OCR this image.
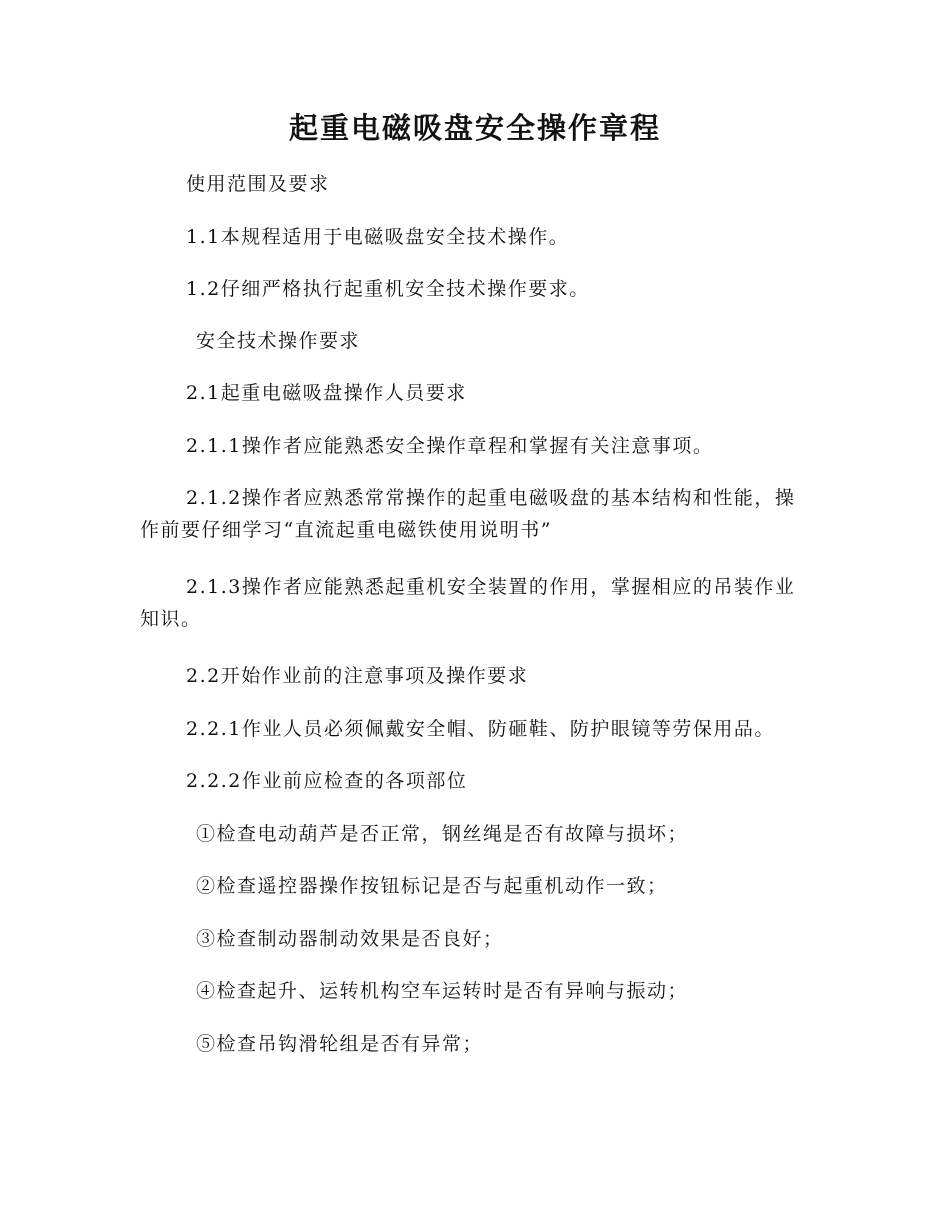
起重电磁吸盘安全操作章程

使用范围及要求

1.1本规程适用于电磁吸盘安全技术操作。

1.2仔细严格执行起重机安全技术操作要求。

安全技术操作要求

2.1起重电磁吸盘操作人员要求

2.1.1操作者应能熟悉安全操作章程和掌握有关注意事项。

2.1.2操作者应熟悉常常操作的起重电磁吸盘的基本结构和性能，操作前要仔细学习“直流起重电磁铁使用说明书”

2.1.3操作者应能熟悉起重机安全装置的作用，掌握相应的吊装作业知识。

2.2开始作业前的注意事项及操作要求

2.2.1作业人员必须佩戴安全帽、防砸鞋、防护眼镜等劳保用品。

2.2.2作业前应检查的各项部位

①检查电动葫芦是否正常，钢丝绳是否有故障与损坏；

②检查遥控器操作按钮标记是否与起重机动作一致；

③检查制动器制动效果是否良好；

④检查起升、运转机构空车运转时是否有异响与振动；

⑤检查吊钩滑轮组是否有异常；
